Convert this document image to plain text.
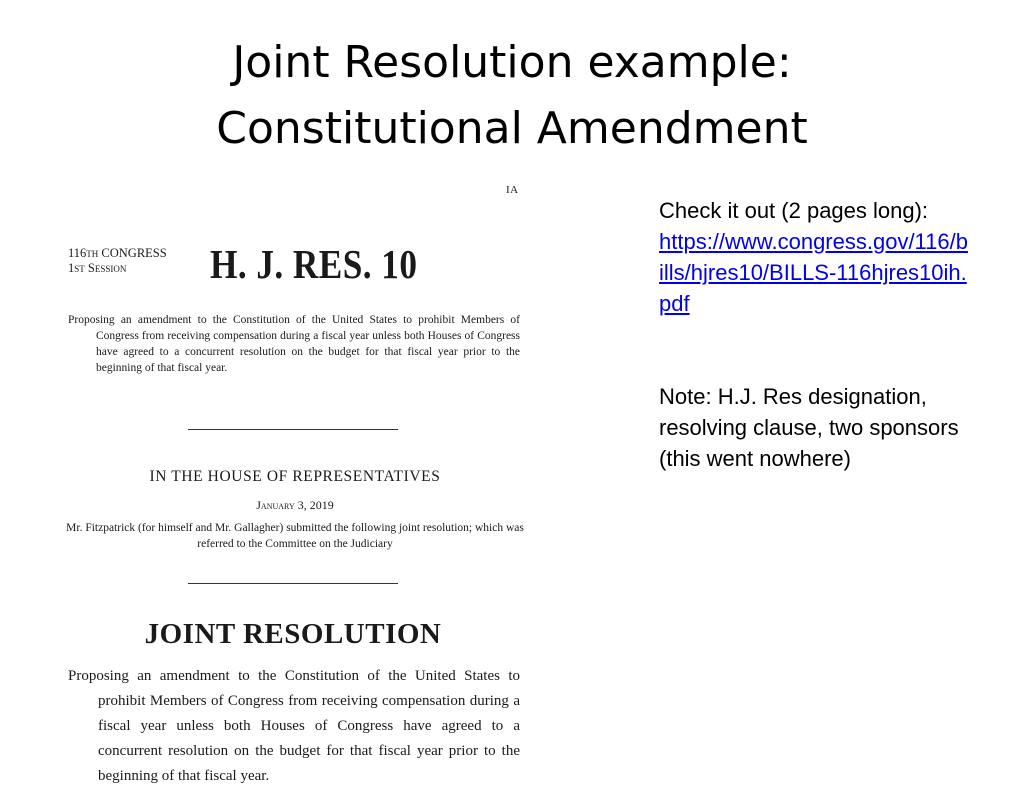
Joint Resolution example:
Constitutional Amendment
IA
116th CONGRESS
1st Session	H. J. RES. 10
Proposing an amendment to the Constitution of the United States to prohibit Members of Congress from receiving compensation during a fiscal year unless both Houses of Congress have agreed to a concurrent resolution on the budget for that fiscal year prior to the beginning of that fiscal year.
IN THE HOUSE OF REPRESENTATIVES
January 3, 2019
Mr. Fitzpatrick (for himself and Mr. Gallagher) submitted the following joint resolution; which was referred to the Committee on the Judiciary
JOINT RESOLUTION
Proposing an amendment to the Constitution of the United States to prohibit Members of Congress from receiving compensation during a fiscal year unless both Houses of Congress have agreed to a concurrent resolution on the budget for that fiscal year prior to the beginning of that fiscal year.
Check it out (2 pages long):
https://www.congress.gov/116/bills/hjres10/BILLS-116hjres10ih.pdf
Note: H.J. Res designation, resolving clause, two sponsors (this went nowhere)
